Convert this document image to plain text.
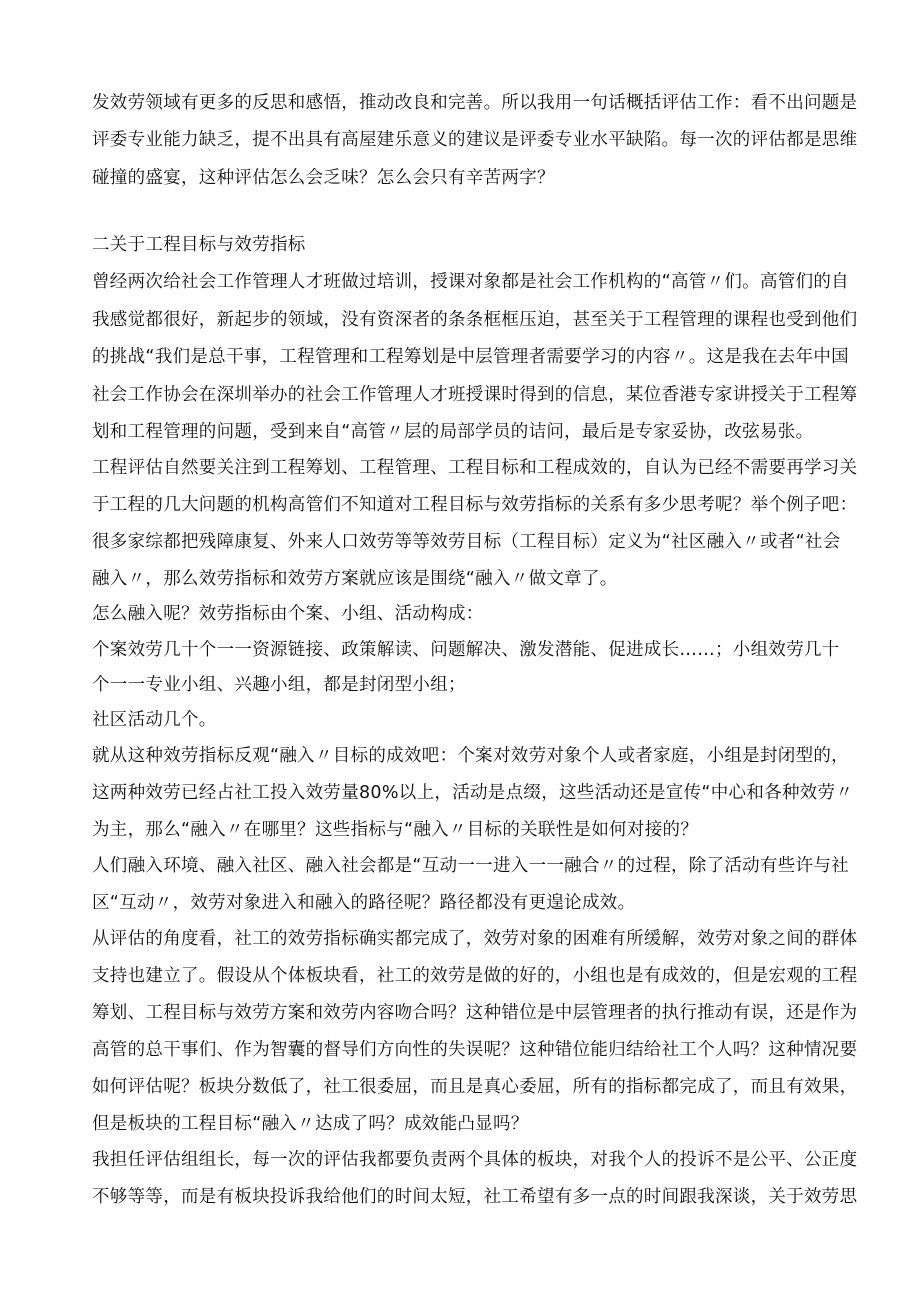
发效劳领域有更多的反思和感悟，推动改良和完善。所以我用一句话概括评估工作：看不出问题是
评委专业能力缺乏，提不出具有高屋建乐意义的建议是评委专业水平缺陷。每一次的评估都是思维
碰撞的盛宴，这种评估怎么会乏味？怎么会只有辛苦两字？
二关于工程目标与效劳指标
曾经两次给社会工作管理人才班做过培训，授课对象都是社会工作机构的“高管〃们。高管们的自
我感觉都很好，新起步的领域，没有资深者的条条框框压迫，甚至关于工程管理的课程也受到他们
的挑战“我们是总干事，工程管理和工程筹划是中层管理者需要学习的内容〃。这是我在去年中国
社会工作协会在深圳举办的社会工作管理人才班授课时得到的信息，某位香港专家讲授关于工程筹
划和工程管理的问题，受到来自“高管〃层的局部学员的诘问，最后是专家妥协，改弦易张。
工程评估自然要关注到工程筹划、工程管理、工程目标和工程成效的，自认为已经不需要再学习关
于工程的几大问题的机构高管们不知道对工程目标与效劳指标的关系有多少思考呢？举个例子吧：
很多家综都把残障康复、外来人口效劳等等效劳目标（工程目标）定义为“社区融入〃或者“社会
融入〃，那么效劳指标和效劳方案就应该是围绕“融入〃做文章了。
怎么融入呢？效劳指标由个案、小组、活动构成：
个案效劳几十个一一资源链接、政策解读、问题解决、激发潜能、促进成长……；小组效劳几十
个一一专业小组、兴趣小组，都是封闭型小组；
社区活动几个。
就从这种效劳指标反观“融入〃目标的成效吧：个案对效劳对象个人或者家庭，小组是封闭型的，
这两种效劳已经占社工投入效劳量80%以上，活动是点缀，这些活动还是宣传“中心和各种效劳〃
为主，那么“融入〃在哪里？这些指标与“融入〃目标的关联性是如何对接的？
人们融入环境、融入社区、融入社会都是“互动一一进入一一融合〃的过程，除了活动有些许与社
区“互动〃，效劳对象进入和融入的路径呢？路径都没有更遑论成效。
从评估的角度看，社工的效劳指标确实都完成了，效劳对象的困难有所缓解，效劳对象之间的群体
支持也建立了。假设从个体板块看，社工的效劳是做的好的，小组也是有成效的，但是宏观的工程
筹划、工程目标与效劳方案和效劳内容吻合吗？这种错位是中层管理者的执行推动有误，还是作为
高管的总干事们、作为智囊的督导们方向性的失误呢？这种错位能归结给社工个人吗？这种情况要
如何评估呢？板块分数低了，社工很委屈，而且是真心委屈，所有的指标都完成了，而且有效果，
但是板块的工程目标“融入〃达成了吗？成效能凸显吗？
我担任评估组组长，每一次的评估我都要负责两个具体的板块，对我个人的投诉不是公平、公正度
不够等等，而是有板块投诉我给他们的时间太短，社工希望有多一点的时间跟我深谈，关于效劳思
